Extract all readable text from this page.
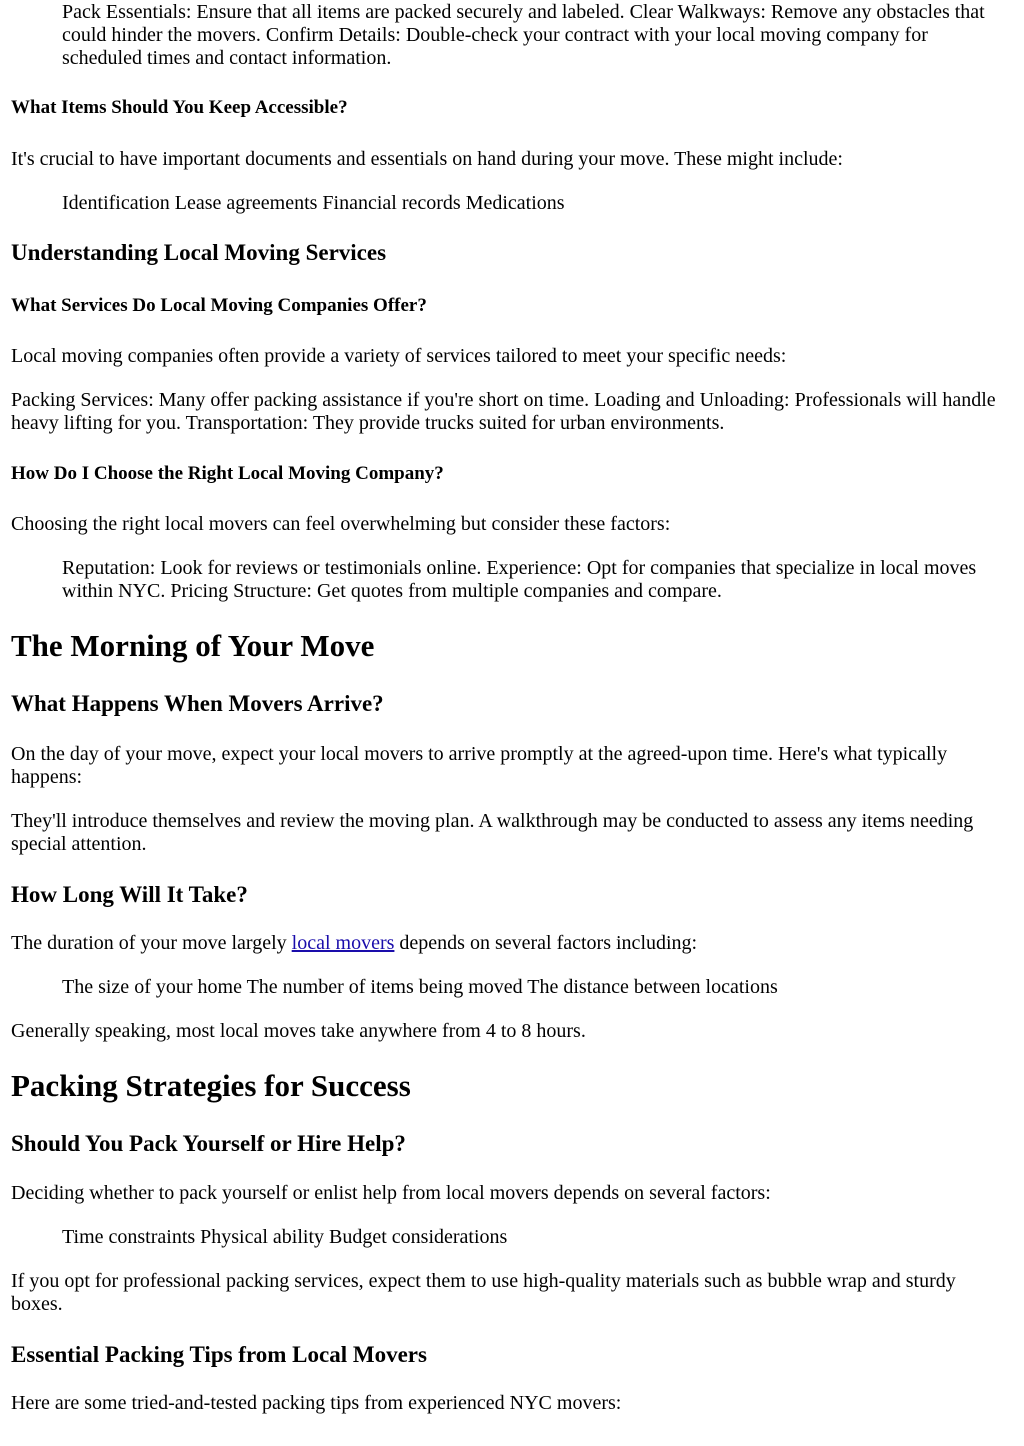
Pack Essentials: Ensure that all items are packed securely and labeled. Clear Walkways: Remove any obstacles that could hinder the movers. Confirm Details: Double-check your contract with your local moving company for scheduled times and contact information.

What Items Should You Keep Accessible?

It's crucial to have important documents and essentials on hand during your move. These might include:

Identification Lease agreements Financial records Medications

Understanding Local Moving Services
What Services Do Local Moving Companies Offer?

Local moving companies often provide a variety of services tailored to meet your specific needs:

Packing Services: Many offer packing assistance if you're short on time. Loading and Unloading: Professionals will handle heavy lifting for you. Transportation: They provide trucks suited for urban environments.

How Do I Choose the Right Local Moving Company?

Choosing the right local movers can feel overwhelming but consider these factors:

Reputation: Look for reviews or testimonials online. Experience: Opt for companies that specialize in local moves within NYC. Pricing Structure: Get quotes from multiple companies and compare.

The Morning of Your Move
What Happens When Movers Arrive?

On the day of your move, expect your local movers to arrive promptly at the agreed-upon time. Here's what typically happens:

They'll introduce themselves and review the moving plan. A walkthrough may be conducted to assess any items needing special attention.

How Long Will It Take?

The duration of your move largely local movers depends on several factors including:

The size of your home The number of items being moved The distance between locations

Generally speaking, most local moves take anywhere from 4 to 8 hours.

Packing Strategies for Success
Should You Pack Yourself or Hire Help?

Deciding whether to pack yourself or enlist help from local movers depends on several factors:

Time constraints Physical ability Budget considerations

If you opt for professional packing services, expect them to use high-quality materials such as bubble wrap and sturdy boxes.

Essential Packing Tips from Local Movers

Here are some tried-and-tested packing tips from experienced NYC movers:
